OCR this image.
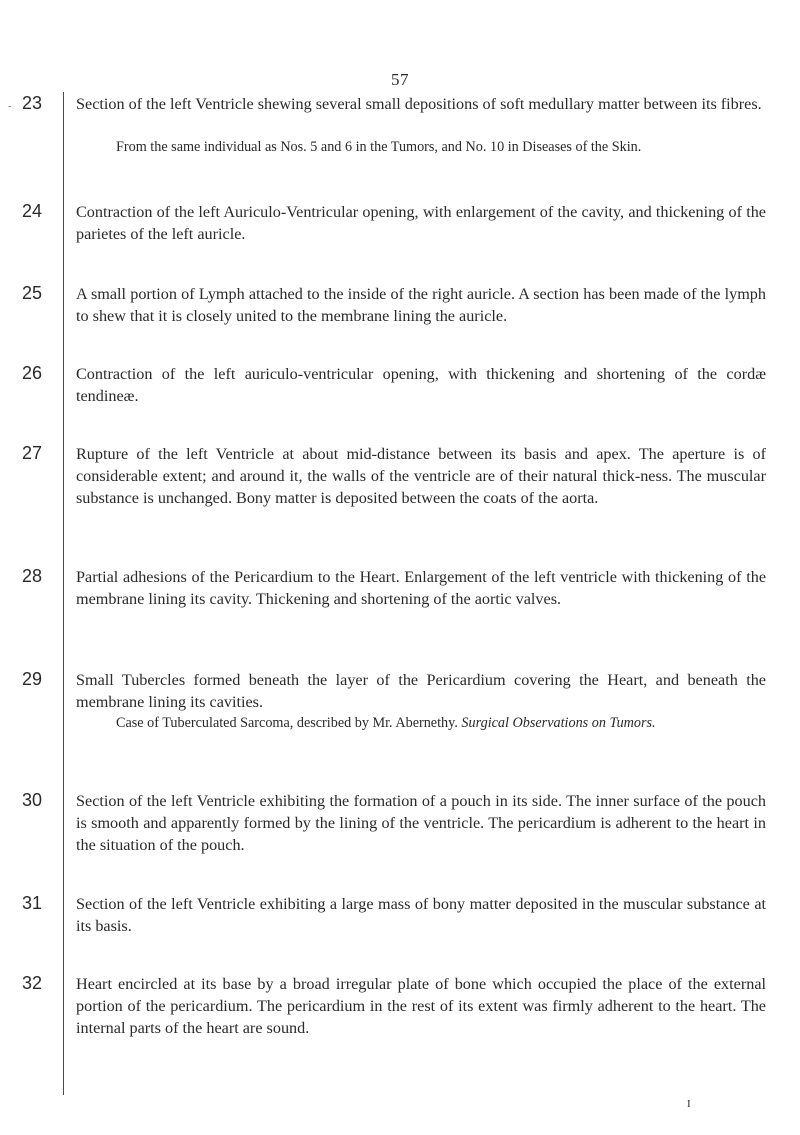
57
- 23	Section of the left Ventricle shewing several small depositions of soft medullary matter between its fibres.

From the same individual as Nos. 5 and 6 in the Tumors, and No. 10 in Diseases of the Skin.

24	Contraction of the left Auriculo-Ventricular opening, with enlargement of the cavity, and thickening of the parietes of the left auricle.

25	A small portion of Lymph attached to the inside of the right auricle. A section has been made of the lymph to shew that it is closely united to the membrane lining the auricle.

26	Contraction of the left auriculo-ventricular opening, with thickening and shortening of the cordæ tendineæ.

27	Rupture of the left Ventricle at about mid-distance between its basis and apex. The aperture is of considerable extent; and around it, the walls of the ventricle are of their natural thick-ness. The muscular substance is unchanged. Bony matter is deposited between the coats of the aorta.

28	Partial adhesions of the Pericardium to the Heart. Enlargement of the left ventricle with thickening of the membrane lining its cavity. Thickening and shortening of the aortic valves.

29	Small Tubercles formed beneath the layer of the Pericardium covering the Heart, and beneath the membrane lining its cavities.

Case of Tuberculated Sarcoma, described by Mr. Abernethy. Surgical Observations on Tumors.

30	Section of the left Ventricle exhibiting the formation of a pouch in its side. The inner surface of the pouch is smooth and apparently formed by the lining of the ventricle. The pericardium is adherent to the heart in the situation of the pouch.

31	Section of the left Ventricle exhibiting a large mass of bony matter deposited in the muscular substance at its basis.

32	Heart encircled at its base by a broad irregular plate of bone which occupied the place of the external portion of the pericardium. The pericardium in the rest of its extent was firmly adherent to the heart. The internal parts of the heart are sound.

I
